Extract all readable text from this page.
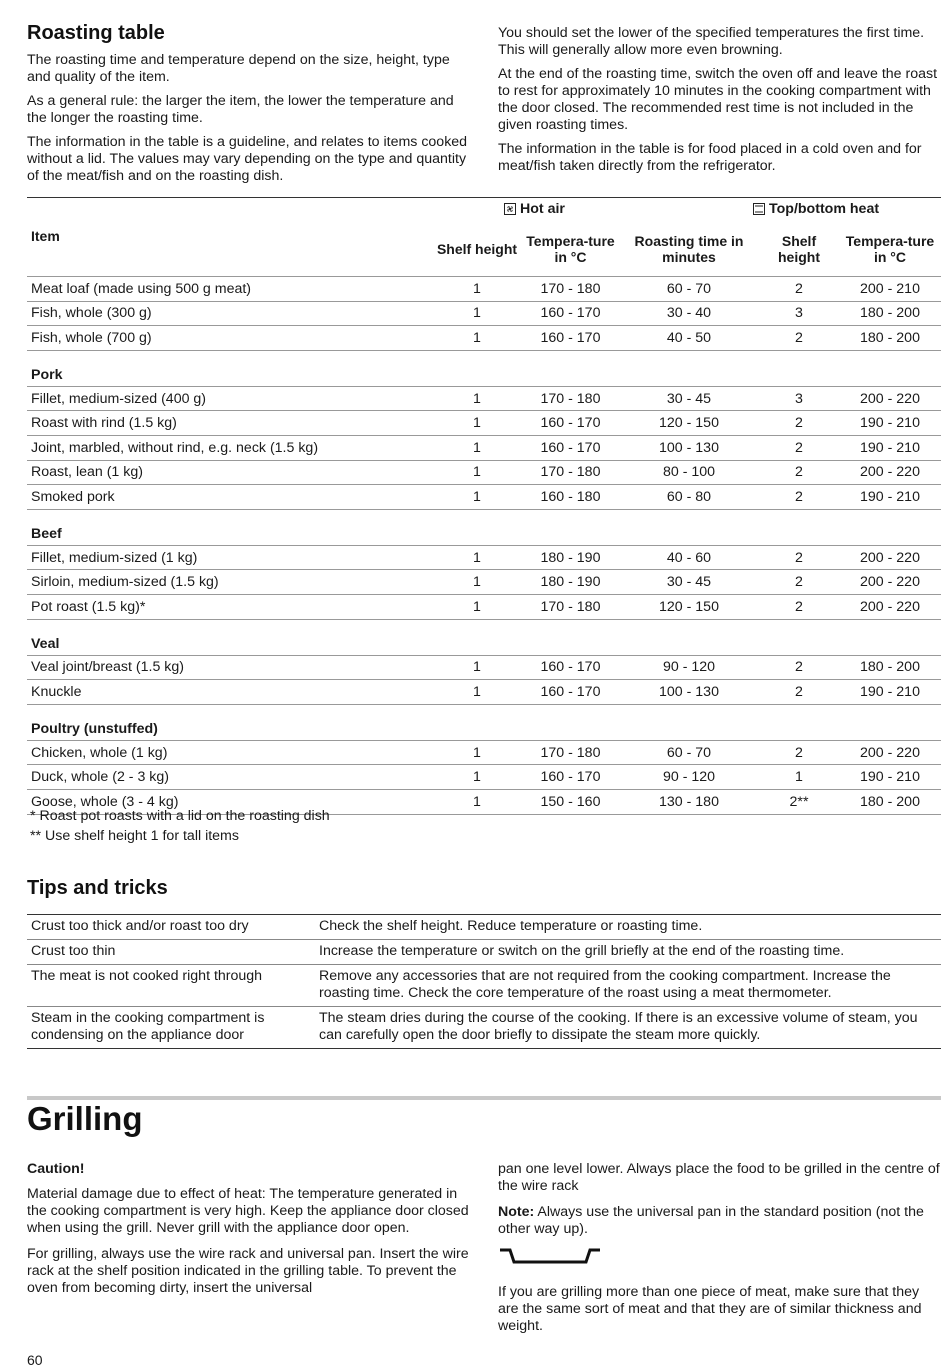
Roasting table

The roasting time and temperature depend on the size, height, type and quality of the item.

As a general rule: the larger the item, the lower the temperature and the longer the roasting time.

The information in the table is a guideline, and relates to items cooked without a lid. The values may vary depending on the type and quantity of the meat/fish and on the roasting dish.

You should set the lower of the specified temperatures the first time. This will generally allow more even browning.

At the end of the roasting time, switch the oven off and leave the roast to rest for approximately 10 minutes in the cooking compartment with the door closed. The recommended rest time is not included in the given roasting times.

The information in the table is for food placed in a cold oven and for meat/fish taken directly from the refrigerator.

	Hot air			Top/bottom heat	

Item	Shelf height	Tempera-ture in °C	Roasting time in minutes	Shelf height	Tempera-ture in °C
Meat loaf (made using 500 g meat)	1	170 - 180	60 - 70	2	200 - 210
Fish, whole (300 g)	1	160 - 170	30 - 40	3	180 - 200
Fish, whole (700 g)	1	160 - 170	40 - 50	2	180 - 200
Pork					
Fillet, medium-sized (400 g)	1	170 - 180	30 - 45	3	200 - 220
Roast with rind (1.5 kg)	1	160 - 170	120 - 150	2	190 - 210
Joint, marbled, without rind, e.g. neck (1.5 kg)	1	160 - 170	100 - 130	2	190 - 210
Roast, lean (1 kg)	1	170 - 180	80 - 100	2	200 - 220
Smoked pork	1	160 - 180	60 - 80	2	190 - 210
Beef					
Fillet, medium-sized (1 kg)	1	180 - 190	40 - 60	2	200 - 220
Sirloin, medium-sized (1.5 kg)	1	180 - 190	30 - 45	2	200 - 220
Pot roast (1.5 kg)*	1	170 - 180	120 - 150	2	200 - 220
Veal					
Veal joint/breast (1.5 kg)	1	160 - 170	90 - 120	2	180 - 200
Knuckle	1	160 - 170	100 - 130	2	190 - 210
Poultry (unstuffed)					
Chicken, whole (1 kg)	1	170 - 180	60 - 70	2	200 - 220
Duck, whole (2 - 3 kg)	1	160 - 170	90 - 120	1	190 - 210
Goose, whole (3 - 4 kg)	1	150 - 160	130 - 180	2**	180 - 200
* Roast pot roasts with a lid on the roasting dish
** Use shelf height 1 for tall items
Tips and tricks
Crust too thick and/or roast too dry	Check the shelf height. Reduce temperature or roasting time.
Crust too thin	Increase the temperature or switch on the grill briefly at the end of the roasting time.
The meat is not cooked right through	Remove any accessories that are not required from the cooking compartment. Increase the roasting time. Check the core temperature of the roast using a meat thermometer.
Steam in the cooking compartment is condensing on the appliance door	The steam dries during the course of the cooking. If there is an excessive volume of steam, you can carefully open the door briefly to dissipate the steam more quickly.
Grilling

Caution!

Material damage due to effect of heat: The temperature generated in the cooking compartment is very high. Keep the appliance door closed when using the grill. Never grill with the appliance door open.

For grilling, always use the wire rack and universal pan. Insert the wire rack at the shelf position indicated in the grilling table. To prevent the oven from becoming dirty, insert the universal

pan one level lower. Always place the food to be grilled in the centre of the wire rack

Note: Always use the universal pan in the standard position (not the other way up).

If you are grilling more than one piece of meat, make sure that they are the same sort of meat and that they are of similar thickness and weight.

60
